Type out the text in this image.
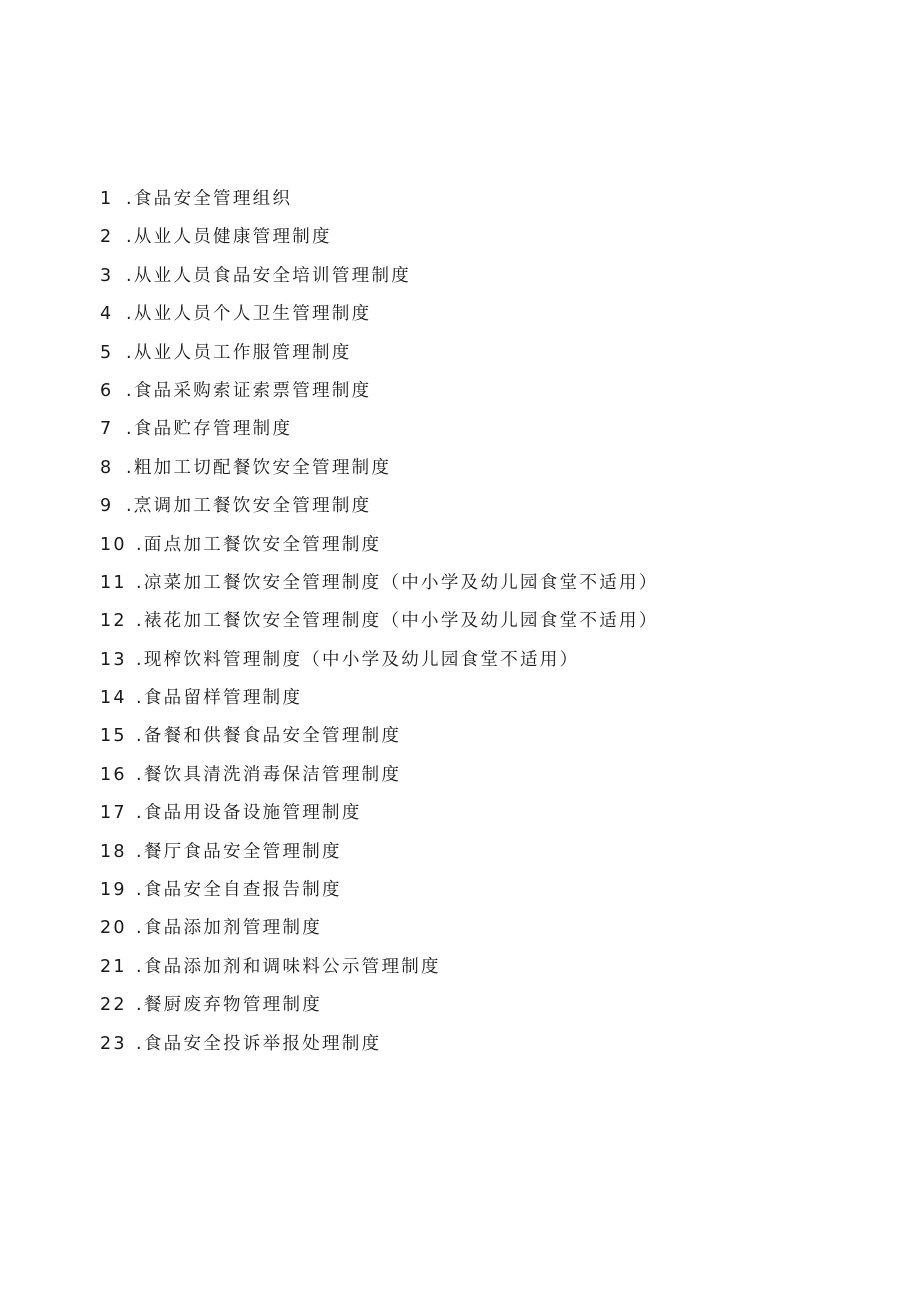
1 .食品安全管理组织
2 .从业人员健康管理制度
3 .从业人员食品安全培训管理制度
4 .从业人员个人卫生管理制度
5 .从业人员工作服管理制度
6 .食品采购索证索票管理制度
7 .食品贮存管理制度
8 .粗加工切配餐饮安全管理制度
9 .烹调加工餐饮安全管理制度
10 .面点加工餐饮安全管理制度
11 .凉菜加工餐饮安全管理制度（中小学及幼儿园食堂不适用）
12 .裱花加工餐饮安全管理制度（中小学及幼儿园食堂不适用）
13 .现榨饮料管理制度（中小学及幼儿园食堂不适用）
14 .食品留样管理制度
15 .备餐和供餐食品安全管理制度
16 .餐饮具清洗消毒保洁管理制度
17 .食品用设备设施管理制度
18 .餐厅食品安全管理制度
19 .食品安全自查报告制度
20 .食品添加剂管理制度
21 .食品添加剂和调味料公示管理制度
22 .餐厨废弃物管理制度
23 .食品安全投诉举报处理制度
